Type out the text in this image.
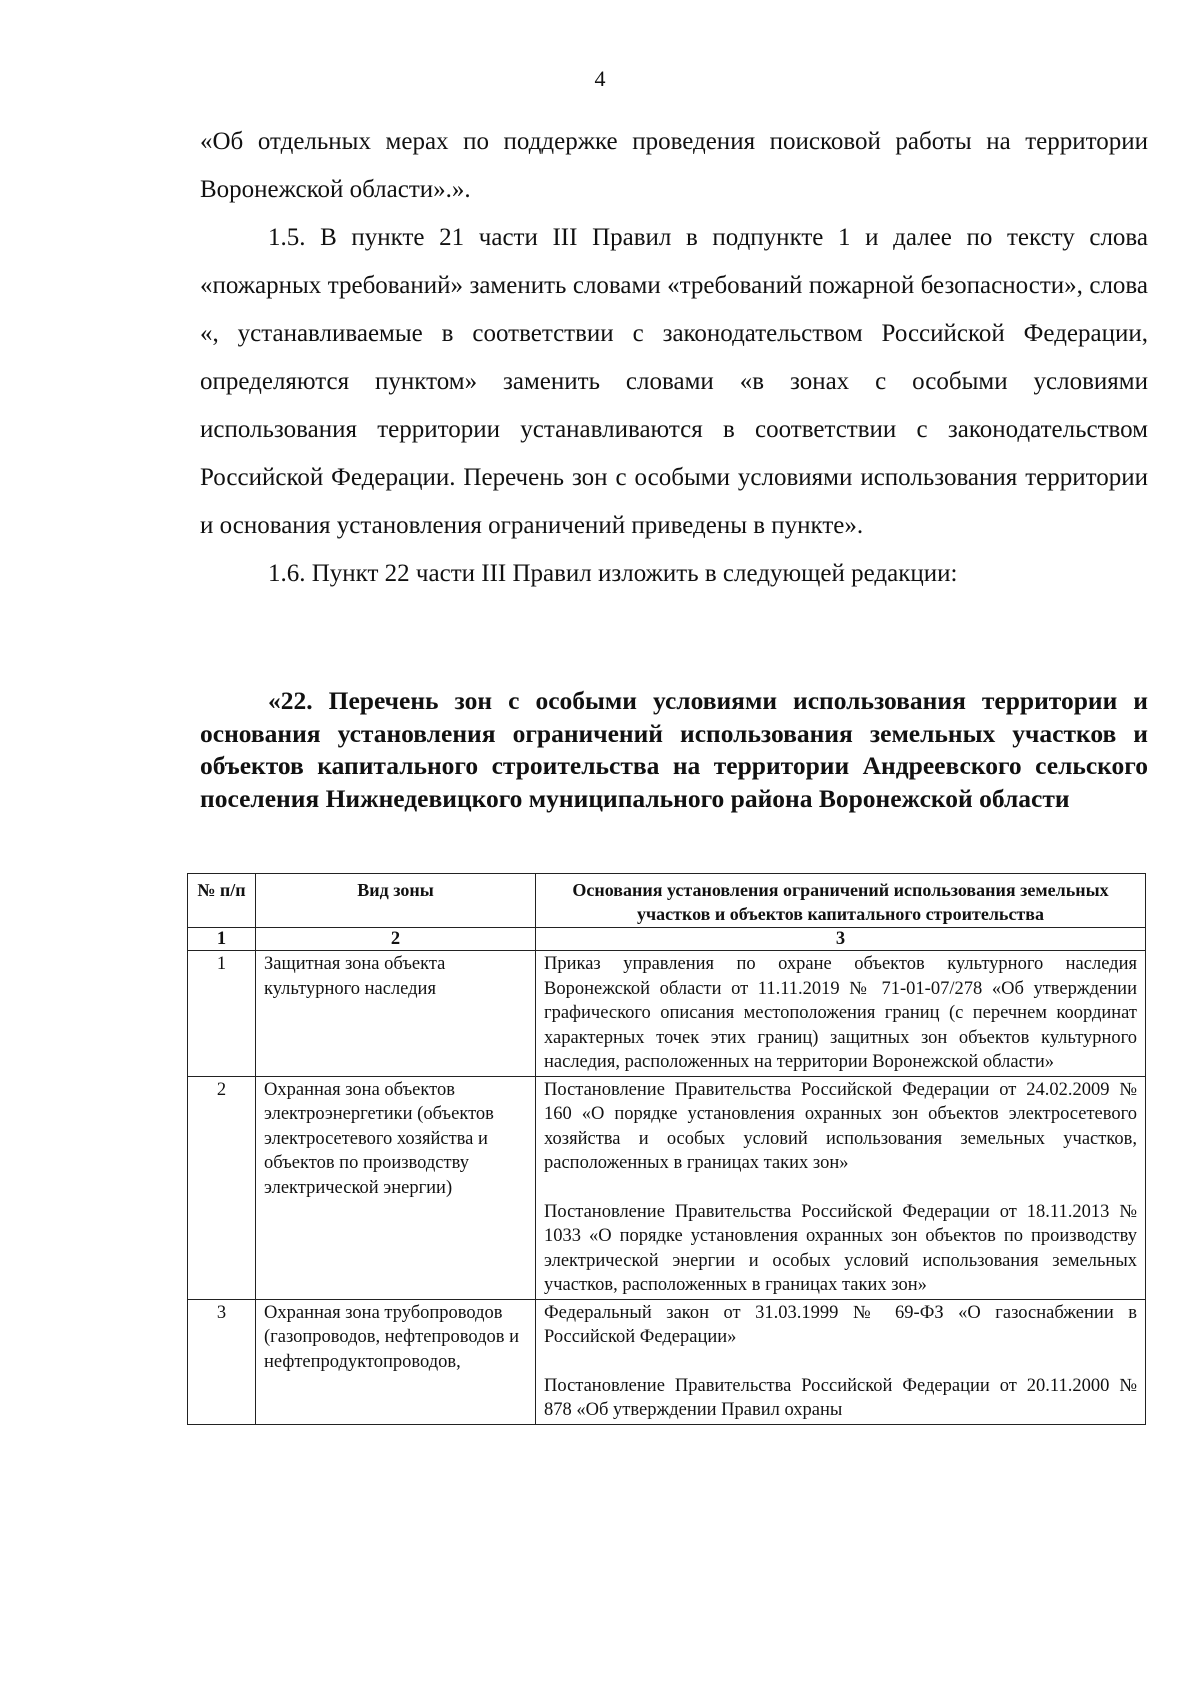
4

«Об отдельных мерах по поддержке проведения поисковой работы на территории Воронежской области».».

1.5. В пункте 21 части III Правил в подпункте 1 и далее по тексту слова «пожарных требований» заменить словами «требований пожарной безопасности», слова «, устанавливаемые в соответствии с законодательством Российской Федерации, определяются пунктом» заменить словами «в зонах с особыми условиями использования территории устанавливаются в соответствии с законодательством Российской Федерации. Перечень зон с особыми условиями использования территории и основания установления ограничений приведены в пункте».

1.6. Пункт 22 части III Правил изложить в следующей редакции:

«22. Перечень зон с особыми условиями использования территории и основания установления ограничений использования земельных участков и объектов капитального строительства на территории Андреевского сельского поселения Нижнедевицкого муниципального района Воронежской области

№ п/п	Вид зоны	Основания установления ограничений использования земельных участков и объектов капитального строительства
1	2	3
1	Защитная зона объекта культурного наследия	Приказ управления по охране объектов культурного наследия Воронежской области от 11.11.2019 № 71-01-07/278 «Об утверждении графического описания местоположения границ (с перечнем координат характерных точек этих границ) защитных зон объектов культурного наследия, расположенных на территории Воронежской области»

2	Охранная зона объектов электроэнергетики (объектов электросетевого хозяйства и объектов по производству электрической энергии)	Постановление Правительства Российской Федерации от 24.02.2009 № 160 «О порядке установления охранных зон объектов электросетевого хозяйства и особых условий использования земельных участков, расположенных в границах таких зон»

Постановление Правительства Российской Федерации от 18.11.2013 № 1033 «О порядке установления охранных зон объектов по производству электрической энергии и особых условий использования земельных участков, расположенных в границах таких зон»

3	Охранная зона трубопроводов (газопроводов, нефтепроводов и нефтепродуктопроводов,	Федеральный закон от 31.03.1999 № 69-ФЗ «О газоснабжении в Российской Федерации»

Постановление Правительства Российской Федерации от 20.11.2000 № 878 «Об утверждении Правил охраны
